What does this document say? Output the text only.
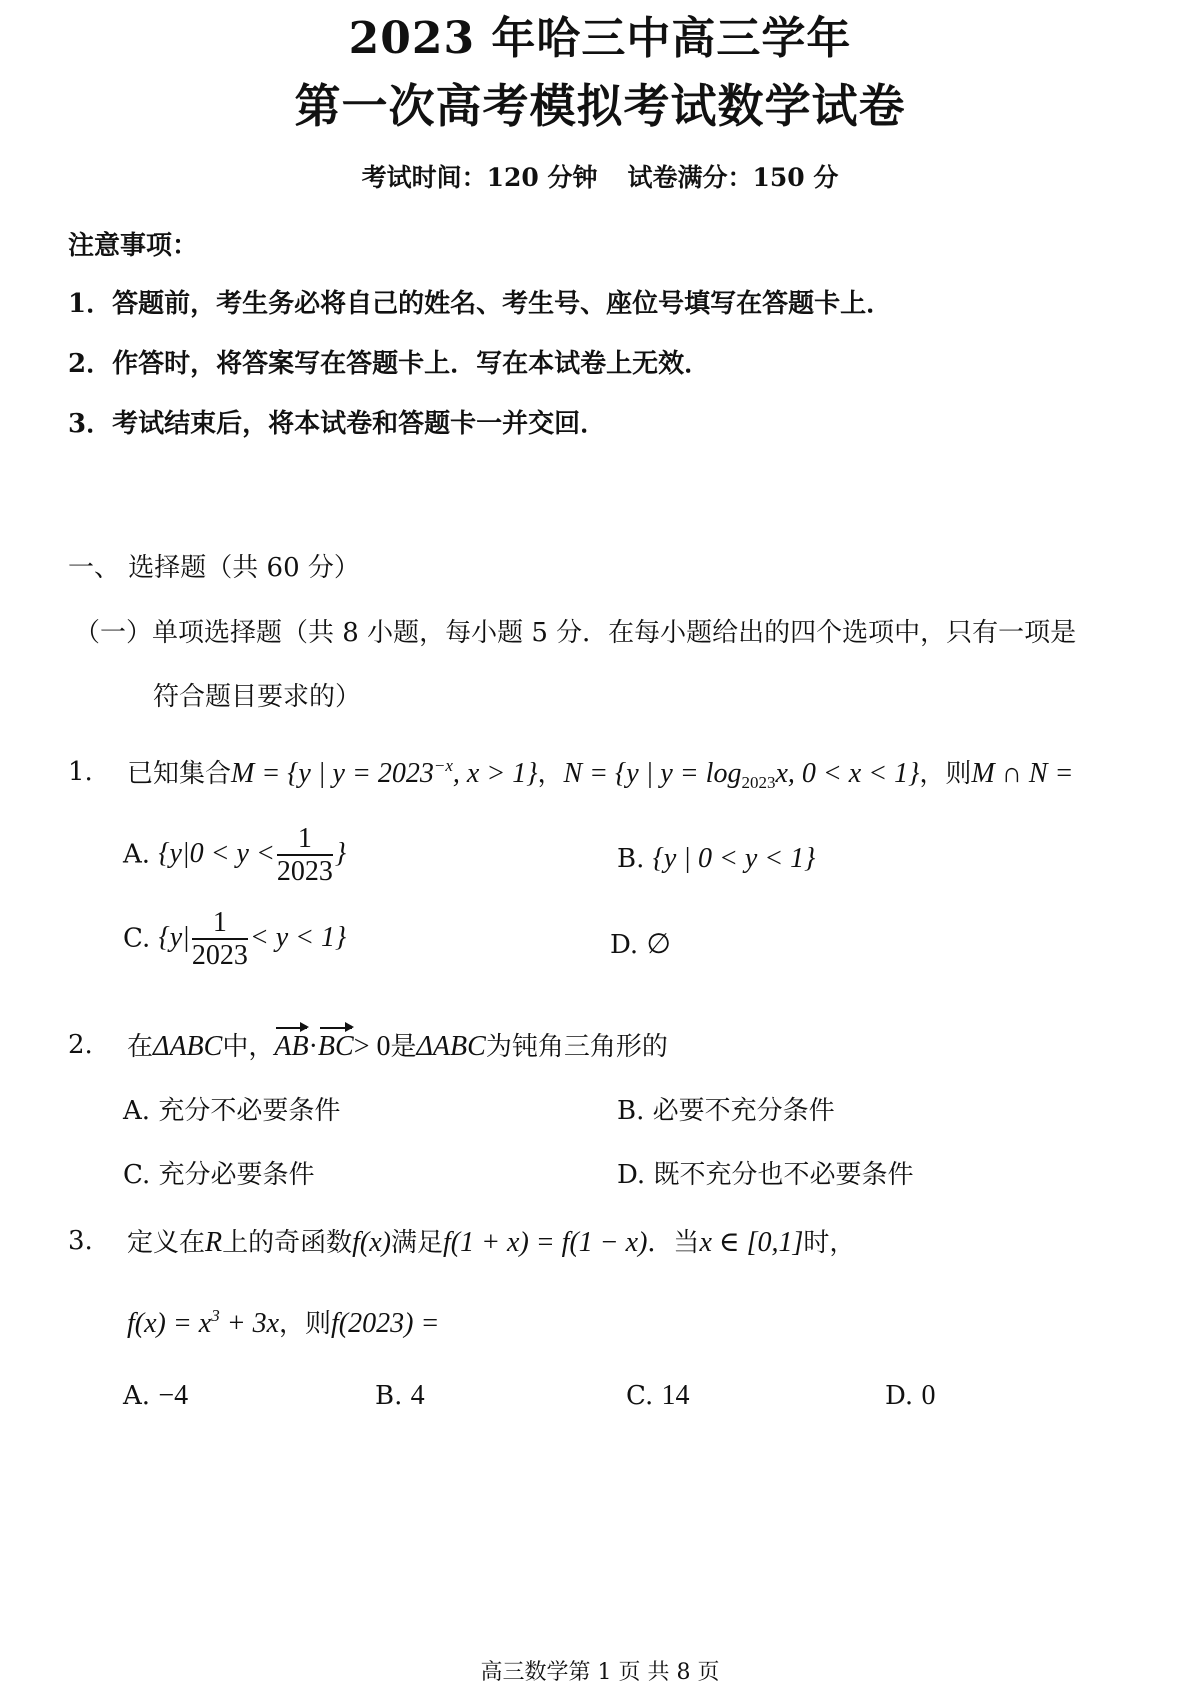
2023 年哈三中高三学年
第一次高考模拟考试数学试卷
考试时间：120 分钟 试卷满分：150 分
注意事项：
1．答题前，考生务必将自己的姓名、考生号、座位号填写在答题卡上．
2．作答时，将答案写在答题卡上．写在本试卷上无效．
3．考试结束后，将本试卷和答题卡一并交回．
一、 选择题（共 60 分）
（一）单项选择题（共 8 小题，每小题 5 分．在每小题给出的四个选项中，只有一项是
符合题目要求的）
1. 已知集合M = {y | $y = 2023^{-x}$, x > 1}，N = {y | $y = \log_{2023}x$, 0 < x < 1}，则M ∩ N =
A. {$y|0 < y < \frac{1}{2023}$ }	B. {y | 0 < y < 1}
C. $\{y| \frac{1}{2023} < y < 1\}$	D. ∅
2. 在ΔABC中，AB·BC> 0是ΔABC为钝角三角形的
A. 充分不必要条件	B. 必要不充分条件
C. 充分必要条件	D. 既不充分也不必要条件
3. 定义在R上的奇函数f(x)满足f(1 + x) = f(1 − x)．当x ∈ [0,1]时，
$f(x) = x^3 + 3x$，则f(2023) =
A. −4	B. 4	C. 14	D. 0
高三数学第 1 页 共 8 页
